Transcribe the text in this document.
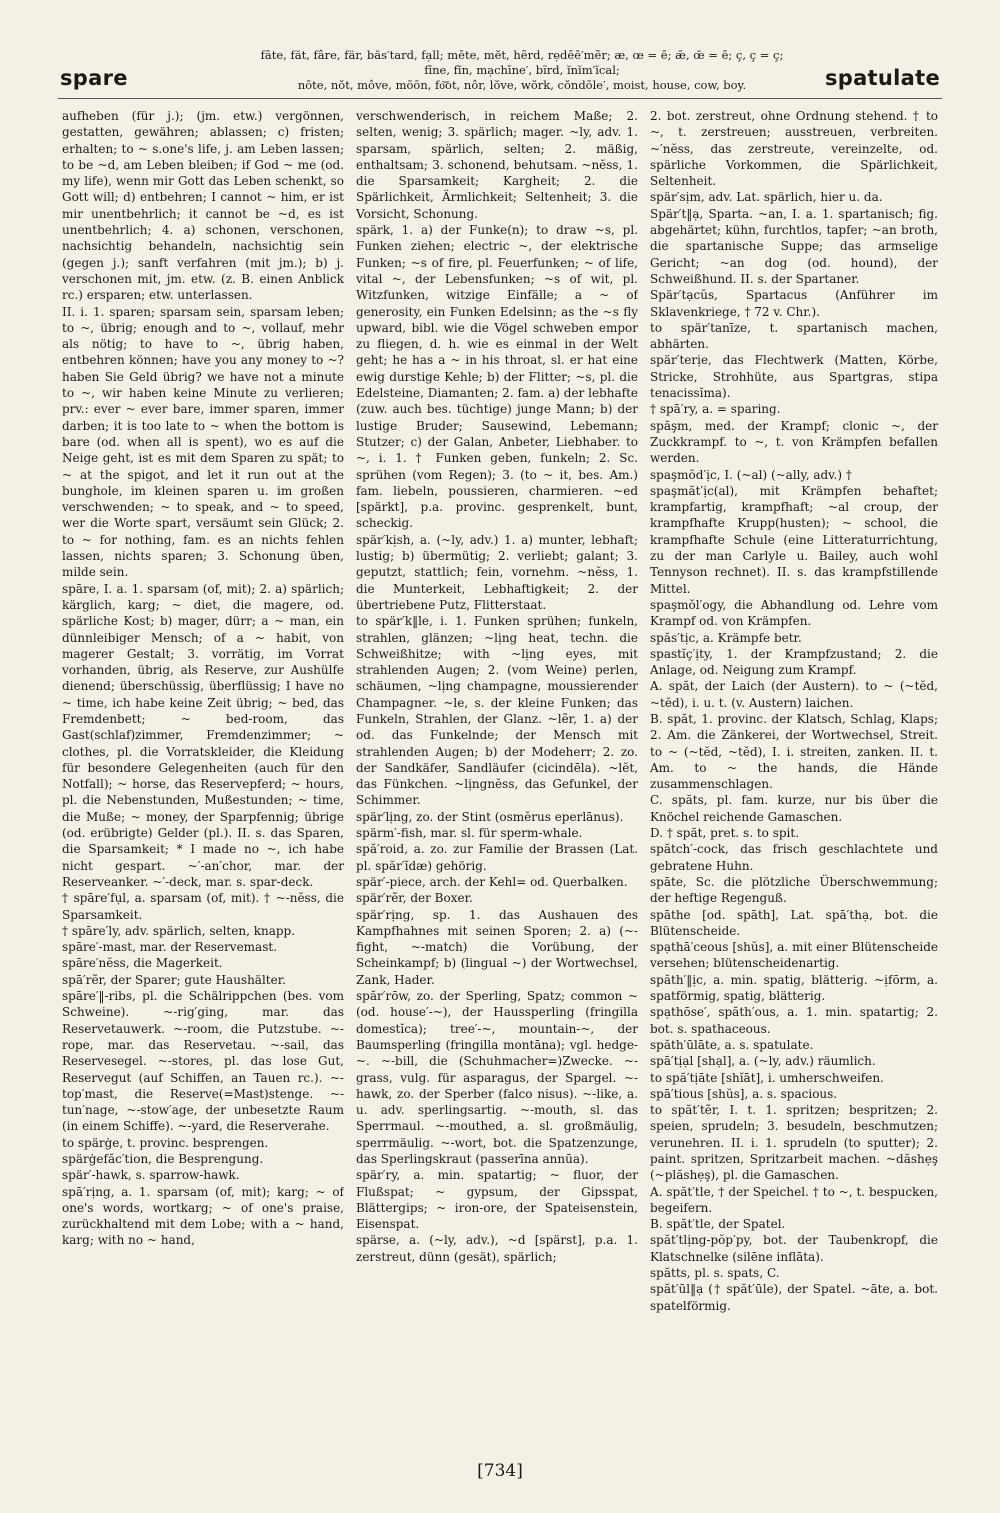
fāte, făt, fâre, fär, băs′tard, fạll; mēte, mĕt, hẽrd, rẹdēē′mẽr; æ, œ = ē; ǣ, œ̄ = ē; ç, ç = ç;
fīne, fĭn, mạchīne′, bĩrd, ĭnĭm′ĭcal;
nōte, nŏt, môve, mōōn, fo͝ot, nôr, lŏve, wŏrk, cŏndōle′, moist, house, cow, boy.
spare	spatulate

aufheben (für j.); (jm. etw.) vergönnen, gestatten, gewähren; ablassen; c) fristen; erhalten; to ~ s.one's life, j. am Leben lassen; to be ~d, am Leben bleiben; if God ~ me (od. my life), wenn mir Gott das Leben schenkt, so Gott will; d) entbehren; I cannot ~ him, er ist mir unentbehrlich; it cannot be ~d, es ist unentbehrlich; 4. a) schonen, verschonen, nachsichtig behandeln, nachsichtig sein (gegen j.); sanft verfahren (mit jm.); b) j. verschonen mit, jm. etw. (z. B. einen Anblick rc.) ersparen; etw. unterlassen.

II. i. 1. sparen; sparsam sein, sparsam leben; to ~, übrig; enough and to ~, vollauf, mehr als nötig; to have to ~, übrig haben, entbehren können; have you any money to ~? haben Sie Geld übrig? we have not a minute to ~, wir haben keine Minute zu verlieren; prv.: ever ~ ever bare, immer sparen, immer darben; it is too late to ~ when the bottom is bare (od. when all is spent), wo es auf die Neige geht, ist es mit dem Sparen zu spät; to ~ at the spigot, and let it run out at the bunghole, im kleinen sparen u. im großen verschwenden; ~ to speak, and ~ to speed, wer die Worte spart, versäumt sein Glück; 2. to ~ for nothing, fam. es an nichts fehlen lassen, nichts sparen; 3. Schonung üben, milde sein.

spāre, I. a. 1. sparsam (of, mit); 2. a) spärlich; kärglich, karg; ~ diet, die magere, od. spärliche Kost; b) mager, dürr; a ~ man, ein dünnleibiger Mensch; of a ~ habit, von magerer Gestalt; 3. vorrätig, im Vorrat vorhanden, übrig, als Reserve, zur Aushülfe dienend; überschüssig, überflüssig; I have no ~ time, ich habe keine Zeit übrig; ~ bed, das Fremdenbett; ~ bed-room, das Gast(schlaf)zimmer, Fremdenzimmer; ~ clothes, pl. die Vorratskleider, die Kleidung für besondere Gelegenheiten (auch für den Notfall); ~ horse, das Reservepferd; ~ hours, pl. die Nebenstunden, Mußestunden; ~ time, die Muße; ~ money, der Sparpfennig; übrige (od. erübrigte) Gelder (pl.). II. s. das Sparen, die Sparsamkeit; * I made no ~, ich habe nicht gespart. ~′-an′chor, mar. der Reserveanker. ~′-deck, mar. s. spar-deck.

† spāre′fụl, a. sparsam (of, mit). † ~-nĕss, die Sparsamkeit.

† spāre′ly, adv. spärlich, selten, knapp.

spāre′-mast, mar. der Reservemast.

spāre′nĕss, die Magerkeit.

spā′rẽr, der Sparer; gute Haushälter.

spāre′‖-ribs, pl. die Schälrippchen (bes. vom Schweine). ~-rig′ging, mar. das Reservetauwerk. ~-room, die Putzstube. ~-rope, mar. das Reservetau. ~-sail, das Reservesegel. ~-stores, pl. das lose Gut, Reservegut (auf Schiffen, an Tauen rc.). ~-top′mast, die Reserve(=Mast)stenge. ~-tun′nage, ~-stow′age, der unbesetzte Raum (in einem Schiffe). ~-yard, die Reserverahe.

to spärġe, t. provinc. besprengen.

spärġefăc′tion, die Besprengung.

spär′-hawk, s. sparrow-hawk.

spā′rịng, a. 1. sparsam (of, mit); karg; ~ of one's words, wortkarg; ~ of one's praise, zurückhaltend mit dem Lobe; with a ~ hand, karg; with no ~ hand,

verschwenderisch, in reichem Maße; 2. selten, wenig; 3. spärlich; mager. ~ly, adv. 1. sparsam, spärlich, selten; 2. mäßig, enthaltsam; 3. schonend, behutsam. ~nĕss, 1. die Sparsamkeit; Kargheit; 2. die Spärlichkeit, Ärmlichkeit; Seltenheit; 3. die Vorsicht, Schonung.

spärk, 1. a) der Funke(n); to draw ~s, pl. Funken ziehen; electric ~, der elektrische Funken; ~s of fire, pl. Feuerfunken; ~ of life, vital ~, der Lebensfunken; ~s of wit, pl. Witzfunken, witzige Einfälle; a ~ of generosity, ein Funken Edelsinn; as the ~s fly upward, bibl. wie die Vögel schweben empor zu fliegen, d. h. wie es einmal in der Welt geht; he has a ~ in his throat, sl. er hat eine ewig durstige Kehle; b) der Flitter; ~s, pl. die Edelsteine, Diamanten; 2. fam. a) der lebhafte (zuw. auch bes. tüchtige) junge Mann; b) der lustige Bruder; Sausewind, Lebemann; Stutzer; c) der Galan, Anbeter, Liebhaber. to ~, i. 1. † Funken geben, funkeln; 2. Sc. sprühen (vom Regen); 3. (to ~ it, bes. Am.) fam. liebeln, poussieren, charmieren. ~ed [spärkt], p.a. provinc. gesprenkelt, bunt, scheckig.

spär′kịsh, a. (~ly, adv.) 1. a) munter, lebhaft; lustig; b) übermütig; 2. verliebt; galant; 3. geputzt, stattlich; fein, vornehm. ~nĕss, 1. die Munterkeit, Lebhaftigkeit; 2. der übertriebene Putz, Flitterstaat.

to spär′k‖le, i. 1. Funken sprühen; funkeln, strahlen, glänzen; ~lịng heat, techn. die Schweißhitze; with ~lịng eyes, mit strahlenden Augen; 2. (vom Weine) perlen, schäumen, ~lịng champagne, moussierender Champagner. ~le, s. der kleine Funken; das Funkeln, Strahlen, der Glanz. ~lẽr, 1. a) der od. das Funkelnde; der Mensch mit strahlenden Augen; b) der Modeherr; 2. zo. der Sandkäfer, Sandläufer (cicindēla). ~lĕt, das Fünkchen. ~lịngnĕss, das Gefunkel, der Schimmer.

spär′lịng, zo. der Stint (osmĕrus eperlānus).

spärm′-fish, mar. sl. für sperm-whale.

spă′roid, a. zo. zur Familie der Brassen (Lat. pl. spăr′ĭdæ) gehörig.

spär′-piece, arch. der Kehl= od. Querbalken.

spär′rẽr, der Boxer.

spär′rịng, sp. 1. das Aushauen des Kampfhahnes mit seinen Sporen; 2. a) (~-fight, ~-match) die Vorübung, der Scheinkampf; b) (lingual ~) der Wortwechsel, Zank, Hader.

spăr′rōw, zo. der Sperling, Spatz; common ~ (od. house′-~), der Haussperling (fringilla domestĭca); tree′-~, mountain-~, der Baumsperling (fringilla montāna); vgl. hedge-~. ~-bill, die (Schuhmacher=)Zwecke. ~-grass, vulg. für asparagus, der Spargel. ~-hawk, zo. der Sperber (falco nisus). ~-like, a. u. adv. sperlingsartig. ~-mouth, sl. das Sperrmaul. ~-mouthed, a. sl. großmäulig, sperrmäulig. ~-wort, bot. die Spatzenzunge, das Sperlingskraut (passerīna annūa).

spär′ry, a. min. spatartig; ~ fluor, der Flußspat; ~ gypsum, der Gipsspat, Blättergips; ~ iron-ore, der Spateisenstein, Eisenspat.

spärse, a. (~ly, adv.), ~d [spärst], p.a. 1. zerstreut, dünn (gesät), spärlich;

2. bot. zerstreut, ohne Ordnung stehend. † to ~, t. zerstreuen; ausstreuen, verbreiten. ~′nĕss, das zerstreute, vereinzelte, od. spärliche Vorkommen, die Spärlichkeit, Seltenheit.

spär′sịm, adv. Lat. spärlich, hier u. da.

Spär′t‖ạ, Sparta. ~an, I. a. 1. spartanisch; fig. abgehärtet; kühn, furchtlos, tapfer; ~an broth, die spartanische Suppe; das armselige Gericht; ~an dog (od. hound), der Schweißhund. II. s. der Spartaner.

Spär′tạcŭs, Spartacus (Anführer im Sklavenkriege, † 72 v. Chr.).

to spär′tanīze, t. spartanisch machen, abhärten.

spär′terịe, das Flechtwerk (Matten, Körbe, Stricke, Strohhüte, aus Spartgras, stipa tenacissĭma).

† spā′ry, a. = sparing.

spăşm, med. der Krampf; clonic ~, der Zuckkrampf. to ~, t. von Krämpfen befallen werden.

spaşmŏd′ịc, I. (~al) (~ally, adv.) †

spaşmăt′ịc(al), mit Krämpfen behaftet; krampfartig, krampfhaft; ~al croup, der krampfhafte Krupp(husten); ~ school, die krampfhafte Schule (eine Litteraturrichtung, zu der man Carlyle u. Bailey, auch wohl Tennyson rechnet). II. s. das krampfstillende Mittel.

spaşmŏl′ogy, die Abhandlung od. Lehre vom Krampf od. von Krämpfen.

spăs′tịc, a. Krämpfe betr.

spastĭç′ịty, 1. der Krampfzustand; 2. die Anlage, od. Neigung zum Krampf.

A. spăt, der Laich (der Austern). to ~ (~tĕd, ~tĕd), i. u. t. (v. Austern) laichen.

B. spăt, 1. provinc. der Klatsch, Schlag, Klaps; 2. Am. die Zänkerei, der Wortwechsel, Streit. to ~ (~tĕd, ~tĕd), I. i. streiten, zanken. II. t. Am. to ~ the hands, die Hände zusammenschlagen.

C. spăts, pl. fam. kurze, nur bis über die Knöchel reichende Gamaschen.

D. † spăt, pret. s. to spit.

spătch′-cock, das frisch geschlachtete und gebratene Huhn.

spāte, Sc. die plötzliche Überschwemmung; der heftige Regenguß.

spāthe [od. spāth], Lat. spā′thạ, bot. die Blütenscheide.

spạthā′ceous [shŭs], a. mit einer Blütenscheide versehen; blütenscheidenartig.

spăth′‖ịc, a. min. spatig, blätterig. ~ịfōrm, a. spatförmig, spatig, blätterig.

spạthōse′, spăth′ous, a. 1. min. spatartig; 2. bot. s. spathaceous.

spăth′ūlāte, a. s. spatulate.

spā′tịạl [shạl], a. (~ly, adv.) räumlich.

to spă′tịāte [shĭāt], i. umherschweifen.

spā′tious [shŭs], a. s. spacious.

to spăt′tẽr, I. t. 1. spritzen; bespritzen; 2. speien, sprudeln; 3. besudeln, beschmutzen; verunehren. II. i. 1. sprudeln (to sputter); 2. paint. spritzen, Spritzarbeit machen. ~dăshẹş (~plăshẹş), pl. die Gamaschen.

A. spăt′tle, † der Speichel. † to ~, t. bespucken, begeifern.

B. spăt′tle, der Spatel.

spăt′tlịng-pŏp′py, bot. der Taubenkropf, die Klatschnelke (silēne inflāta).

spătts, pl. s. spats, C.

spăt′ūl‖ạ († spăt′ūle), der Spatel. ~āte, a. bot. spatelförmig.

[734]
